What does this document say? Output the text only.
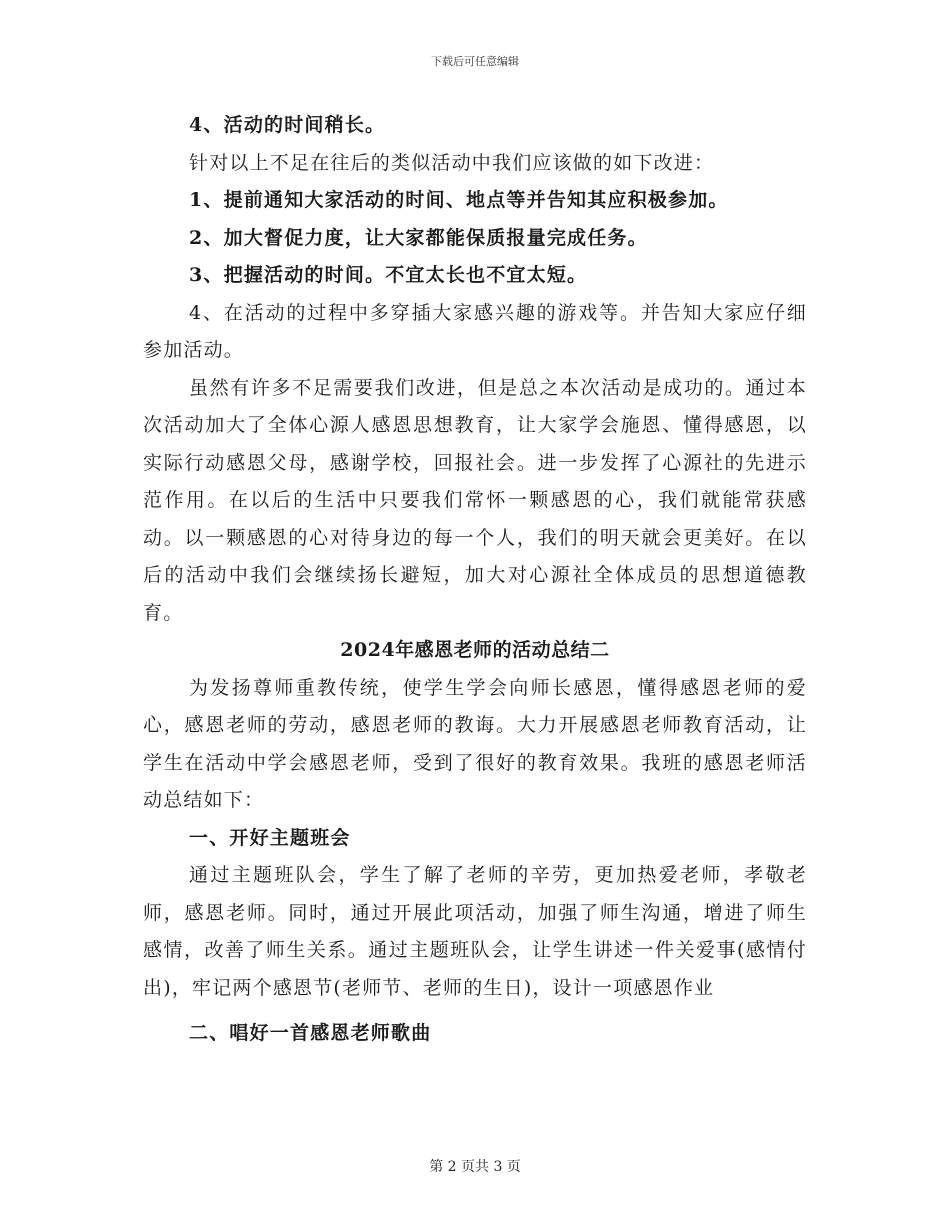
下载后可任意编辑
4、活动的时间稍长。
针对以上不足在往后的类似活动中我们应该做的如下改进：
1、提前通知大家活动的时间、地点等并告知其应积极参加。
2、加大督促力度，让大家都能保质报量完成任务。
3、把握活动的时间。不宜太长也不宜太短。
4、在活动的过程中多穿插大家感兴趣的游戏等。并告知大家应仔细参加活动。
虽然有许多不足需要我们改进，但是总之本次活动是成功的。通过本次活动加大了全体心源人感恩思想教育，让大家学会施恩、懂得感恩，以实际行动感恩父母，感谢学校，回报社会。进一步发挥了心源社的先进示范作用。在以后的生活中只要我们常怀一颗感恩的心，我们就能常获感动。以一颗感恩的心对待身边的每一个人，我们的明天就会更美好。在以后的活动中我们会继续扬长避短，加大对心源社全体成员的思想道德教育。
2024年感恩老师的活动总结二
为发扬尊师重教传统，使学生学会向师长感恩，懂得感恩老师的爱心，感恩老师的劳动，感恩老师的教诲。大力开展感恩老师教育活动，让学生在活动中学会感恩老师，受到了很好的教育效果。我班的感恩老师活动总结如下：
一、开好主题班会
通过主题班队会，学生了解了老师的辛劳，更加热爱老师，孝敬老师，感恩老师。同时，通过开展此项活动，加强了师生沟通，增进了师生感情，改善了师生关系。通过主题班队会，让学生讲述一件关爱事(感情付出)，牢记两个感恩节(老师节、老师的生日)，设计一项感恩作业
二、唱好一首感恩老师歌曲
第 2 页共 3 页
